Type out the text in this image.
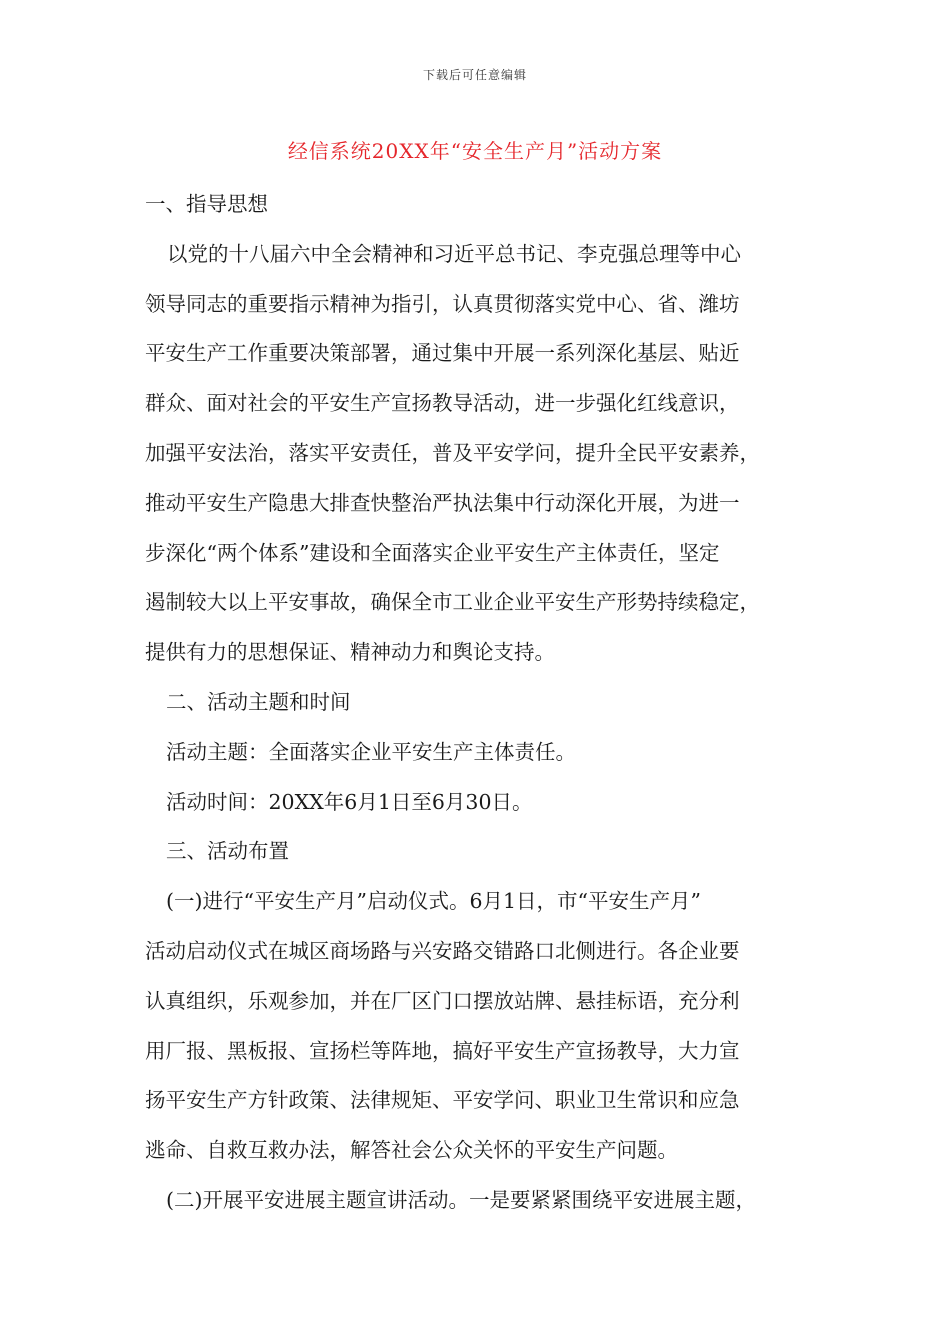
下载后可任意编辑
经信系统20XX年“安全生产月”活动方案
一、指导思想
以党的十八届六中全会精神和习近平总书记、李克强总理等中心
领导同志的重要指示精神为指引，认真贯彻落实党中心、省、潍坊
平安生产工作重要决策部署，通过集中开展一系列深化基层、贴近
群众、面对社会的平安生产宣扬教导活动，进一步强化红线意识，
加强平安法治，落实平安责任，普及平安学问，提升全民平安素养，
推动平安生产隐患大排查快整治严执法集中行动深化开展，为进一
步深化“两个体系”建设和全面落实企业平安生产主体责任，坚定
遏制较大以上平安事故，确保全市工业企业平安生产形势持续稳定，
提供有力的思想保证、精神动力和舆论支持。
二、活动主题和时间
活动主题：全面落实企业平安生产主体责任。
活动时间：20XX年6月1日至6月30日。
三、活动布置
(一)进行“平安生产月”启动仪式。6月1日，市“平安生产月”
活动启动仪式在城区商场路与兴安路交错路口北侧进行。各企业要
认真组织，乐观参加，并在厂区门口摆放站牌、悬挂标语，充分利
用厂报、黑板报、宣扬栏等阵地，搞好平安生产宣扬教导，大力宣
扬平安生产方针政策、法律规矩、平安学问、职业卫生常识和应急
逃命、自救互救办法，解答社会公众关怀的平安生产问题。
(二)开展平安进展主题宣讲活动。一是要紧紧围绕平安进展主题，
